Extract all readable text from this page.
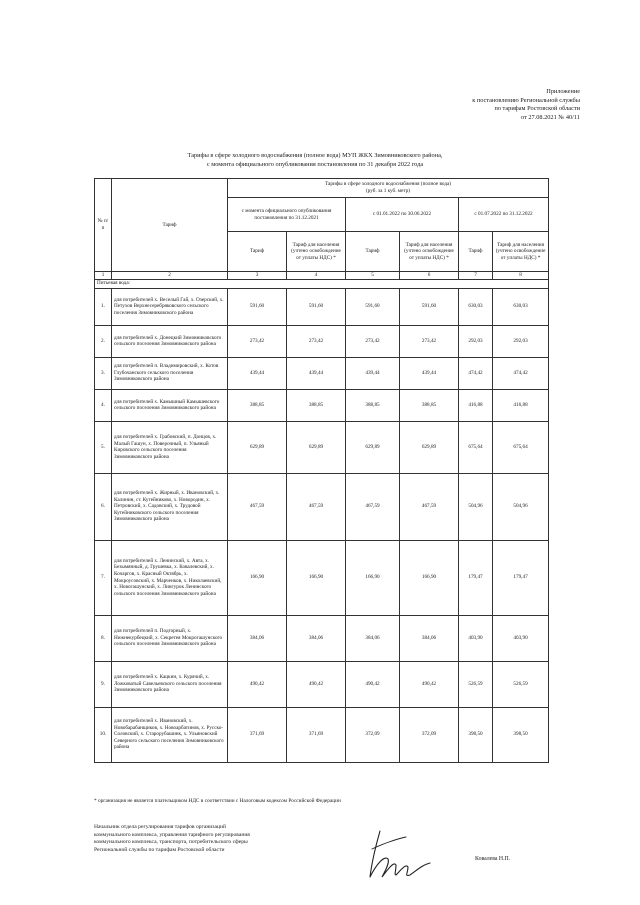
Приложение
к постановлению Региональной службы
по тарифам Ростовской области
от 27.08.2021 № 40/11
Тарифы в сфере холодного водоснабжения (полное вода) МУП ЖКХ Зимовниковского района,
с момента официального опубликования постановления по 31 декабря 2022 года
№ п/п	Тариф	Тарифы в сфере холодного водоснабжения (полное вода)
(руб. за 1 куб. метр)					

		с момента официального опубликования постановления по 31.12.2021		с 01.01.2022 по 30.06.2022		с 01.07.2022 по 31.12.2022	
		Тариф	Тариф для населения (учтено освобождение от уплаты НДС) *	Тариф	Тариф для населения (учтено освобождение от уплаты НДС) *	Тариф	Тариф для населения (учтено освобождение от уплаты НДС) *
1	2	3	4	5	6	7	8
Питьевая вода:							
1.	для потребителей х. Веселый Гай, х. Озерский, х. Петухов Верхнесеребряковского сельского поселения Зимовниковского района	591,60	591,60	591,60	591,60	630,03	630,03
2.	для потребителей х. Донецкий Зимовниковского сельского поселения Зимовниковского района	273,42	273,42	273,42	273,42	292,03	292,03
3.	для потребителей п. Владимировский, х. Котов Глубочанского сельского поселения Зимовниковского района	439,44	439,44	439,44	439,44	474,42	474,42
4.	для потребителей х. Камышный Камышевского сельского поселения Зимовниковского района	388,85	388,85	388,85	388,85	416,88	416,88
5.	для потребителей х. Грабовский, п. Донцов, х. Малый Гашун, х. Поверочный, п. Ульяный Кировского сельского поселения Зимовниковского района	629,89	629,89	629,89	629,89	675,64	675,64
6.	для потребителей х. Жирный, х. Ивановский, х. Калинин, ст. Кутейниково, х. Новородин, х. Петровский, х. Садовский, х. Трудовой Кутейниковского сельского поселения Зимовниковского района	467,59	467,59	467,59	467,59	504,96	504,96
7.	для потребителей х. Ленинский, х. Авта, х. Безымянный, д. Грушевка, х. Ковалевский, х. Кочаргов, х. Красный Октябрь, х. Мокроусовский, х. Марченков, х. Николаевский, х. Новогашунский, х. Лингурок Ленинского сельского поселения Зимовниковского района	166,90	166,90	166,90	166,90	179,47	179,47
8.	для потребителей п. Подгорный, х. Нижнекурбецкий, х. Секретея Мокрогашунского сельского поселения Зимовниковского района	384,06	384,06	384,06	384,06	403,90	403,90
9.	для потребителей х. Кацкин, х. Курячий, х. Ложковатый Савельевского сельского поселения Зимовниковского района	490,42	490,42	490,42	490,42	526,59	526,59
10.	для потребителей х. Ивановский, х. Новобарабанщиков, х. Новоарбатинов, х. Русско-Соловский, х. Старорубашинк, х. Ульяновский Северного сельского поселения Зимовниковского района	371,69	371,69	372,09	372,09	398,50	398,50
* организация не является плательщиком НДС в соответствии с Налоговым кодексом Российской Федерации
Начальник отдела регулирования тарифов организаций
коммунального комплекса, управления тарифного регулирования
коммунального комплекса, транспорта, потребительского сферы
Региональной службы по тарифам Ростовской области
Ковалева Н.П.
